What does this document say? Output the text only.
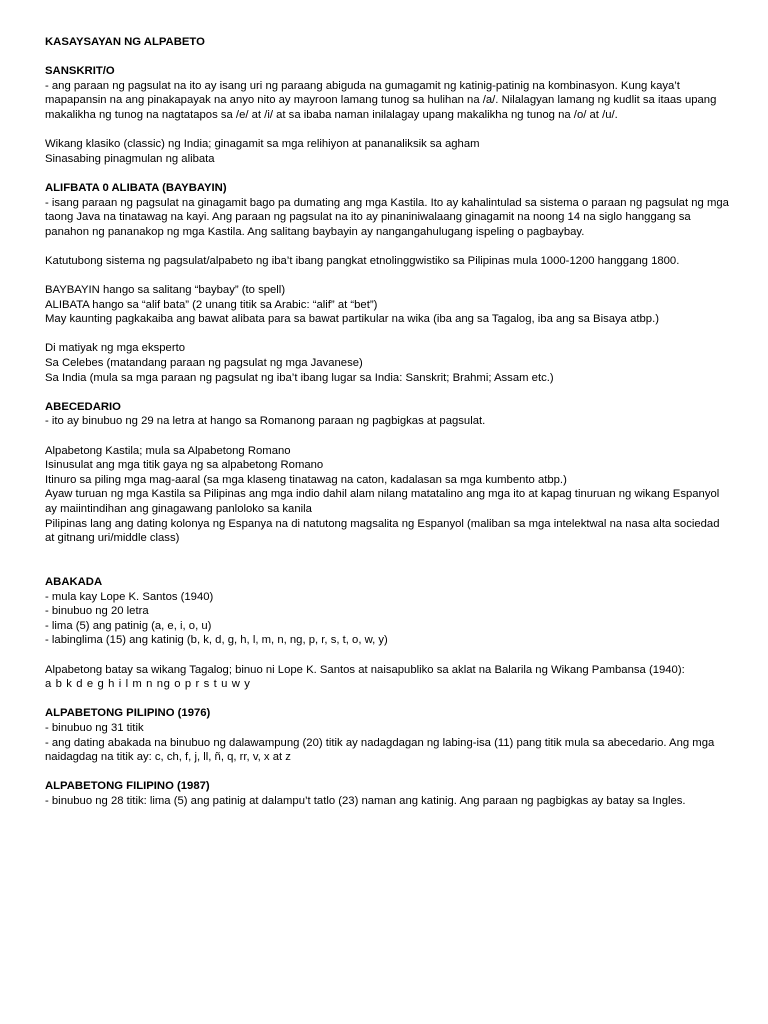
KASAYSAYAN NG ALPABETO

SANSKRIT/O

- ang paraan ng pagsulat na ito ay isang uri ng paraang abiguda na gumagamit ng katinig-patinig na kombinasyon. Kung kaya’t mapapansin na ang pinakapayak na anyo nito ay mayroon lamang tunog sa hulihan na /a/. Nilalagyan lamang ng kudlit sa itaas upang makalikha ng tunog na nagtatapos sa /e/ at /i/ at sa ibaba naman inilalagay upang makalikha ng tunog na /o/ at /u/.

Wikang klasiko (classic) ng India; ginagamit sa mga relihiyon at pananaliksik sa agham

Sinasabing pinagmulan ng alibata

ALIFBATA 0 ALIBATA (BAYBAYIN)

- isang paraan ng pagsulat na ginagamit bago pa dumating ang mga Kastila. Ito ay kahalintulad sa sistema o paraan ng pagsulat ng mga taong Java na tinatawag na kayi. Ang paraan ng pagsulat na ito ay pinaniniwalaang ginagamit na noong 14 na siglo hanggang sa panahon ng pananakop ng mga Kastila. Ang salitang baybayin ay nangangahulugang ispeling o pagbaybay.

Katutubong sistema ng pagsulat/alpabeto ng iba’t ibang pangkat etnolinggwistiko sa Pilipinas mula 1000-1200 hanggang 1800.

BAYBAYIN hango sa salitang “baybay” (to spell)

ALIBATA hango sa “alif bata” (2 unang titik sa Arabic: “alif” at “bet”)

May kaunting pagkakaiba ang bawat alibata para sa bawat partikular na wika (iba ang sa Tagalog, iba ang sa Bisaya atbp.)

Di matiyak ng mga eksperto

Sa Celebes (matandang paraan ng pagsulat ng mga Javanese)

Sa India (mula sa mga paraan ng pagsulat ng iba’t ibang lugar sa India: Sanskrit; Brahmi; Assam etc.)

ABECEDARIO

- ito ay binubuo ng 29 na letra at hango sa Romanong paraan ng pagbigkas at pagsulat.

Alpabetong Kastila; mula sa Alpabetong Romano

Isinusulat ang mga titik gaya ng sa alpabetong Romano

Itinuro sa piling mga mag-aaral (sa mga klaseng tinatawag na caton, kadalasan sa mga kumbento atbp.)

Ayaw turuan ng mga Kastila sa Pilipinas ang mga indio dahil alam nilang matatalino ang mga ito at kapag tinuruan ng wikang Espanyol ay maiintindihan ang ginagawang panloloko sa kanila

Pilipinas lang ang dating kolonya ng Espanya na di natutong magsalita ng Espanyol (maliban sa mga intelektwal na nasa alta sociedad at gitnang uri/middle class)

ABAKADA

- mula kay Lope K. Santos (1940)

- binubuo ng 20 letra

- lima (5) ang patinig (a, e, i, o, u)

- labinglima (15) ang katinig (b, k, d, g, h, l, m, n, ng, p, r, s, t, o, w, y)

Alpabetong batay sa wikang Tagalog; binuo ni Lope K. Santos at naisapubliko sa aklat na Balarila ng Wikang Pambansa (1940):

a b k d e g h i l m n ng o p r s t u w y

ALPABETONG PILIPINO (1976)

- binubuo ng 31 titik

- ang dating abakada na binubuo ng dalawampung (20) titik ay nadagdagan ng labing-isa (11) pang titik mula sa abecedario. Ang mga naidagdag na titik ay: c, ch, f, j, ll, ñ, q, rr, v, x at z

ALPABETONG FILIPINO (1987)

- binubuo ng 28 titik: lima (5) ang patinig at dalampu’t tatlo (23) naman ang katinig. Ang paraan ng pagbigkas ay batay sa Ingles.
